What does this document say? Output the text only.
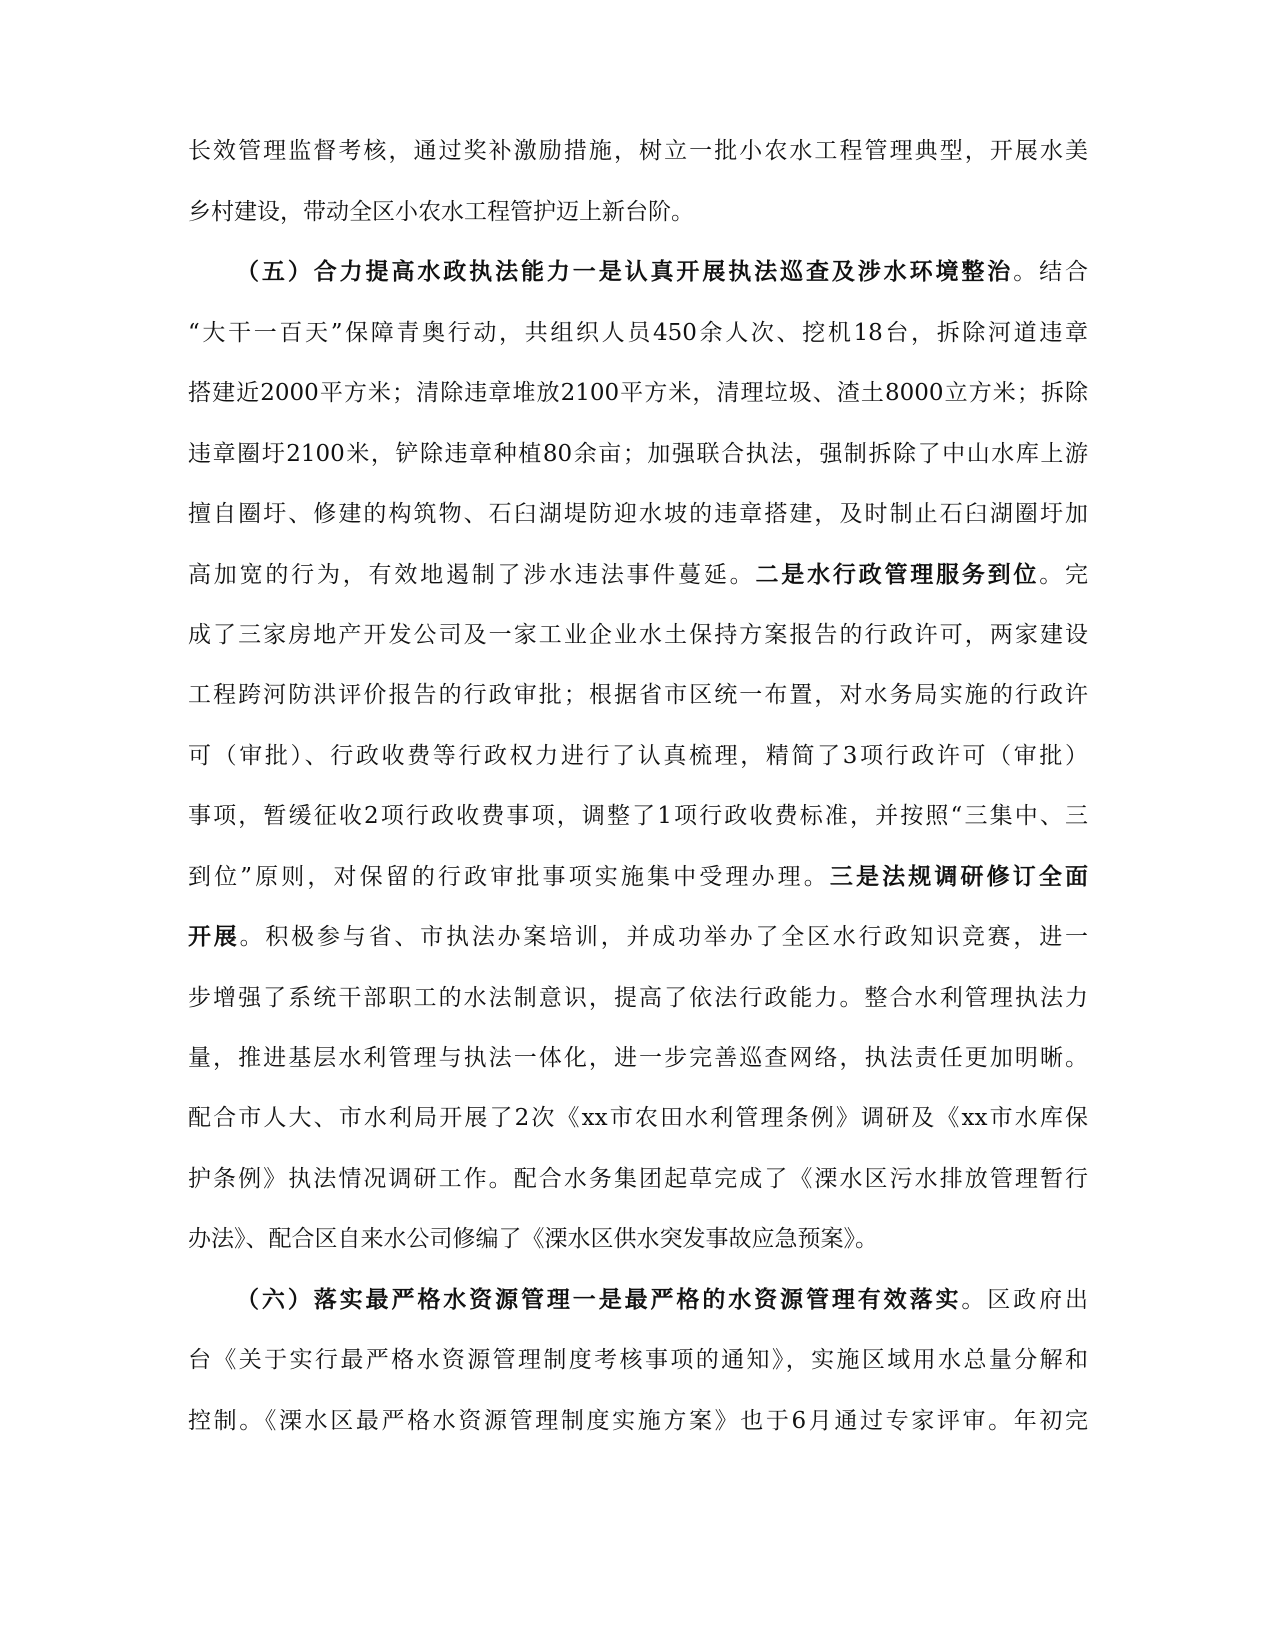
长效管理监督考核，通过奖补激励措施，树立一批小农水工程管理典型，开展水美
乡村建设，带动全区小农水工程管护迈上新台阶。
（五）合力提高水政执法能力一是认真开展执法巡查及涉水环境整治。结合
“大干一百天”保障青奥行动，共组织人员450余人次、挖机18台，拆除河道违章
搭建近2000平方米；清除违章堆放2100平方米，清理垃圾、渣土8000立方米；拆除
违章圈圩2100米，铲除违章种植80余亩；加强联合执法，强制拆除了中山水库上游
擅自圈圩、修建的构筑物、石臼湖堤防迎水坡的违章搭建，及时制止石臼湖圈圩加
高加宽的行为，有效地遏制了涉水违法事件蔓延。二是水行政管理服务到位。完
成了三家房地产开发公司及一家工业企业水土保持方案报告的行政许可，两家建设
工程跨河防洪评价报告的行政审批；根据省市区统一布置，对水务局实施的行政许
可（审批）、行政收费等行政权力进行了认真梳理，精简了3项行政许可（审批）
事项，暂缓征收2项行政收费事项，调整了1项行政收费标准，并按照“三集中、三
到位”原则，对保留的行政审批事项实施集中受理办理。三是法规调研修订全面
开展。积极参与省、市执法办案培训，并成功举办了全区水行政知识竞赛，进一
步增强了系统干部职工的水法制意识，提高了依法行政能力。整合水利管理执法力
量，推进基层水利管理与执法一体化，进一步完善巡查网络，执法责任更加明晰。
配合市人大、市水利局开展了2次《xx市农田水利管理条例》调研及《xx市水库保
护条例》执法情况调研工作。配合水务集团起草完成了《溧水区污水排放管理暂行
办法》、配合区自来水公司修编了《溧水区供水突发事故应急预案》。
（六）落实最严格水资源管理一是最严格的水资源管理有效落实。区政府出
台《关于实行最严格水资源管理制度考核事项的通知》，实施区域用水总量分解和
控制。《溧水区最严格水资源管理制度实施方案》也于6月通过专家评审。年初完
